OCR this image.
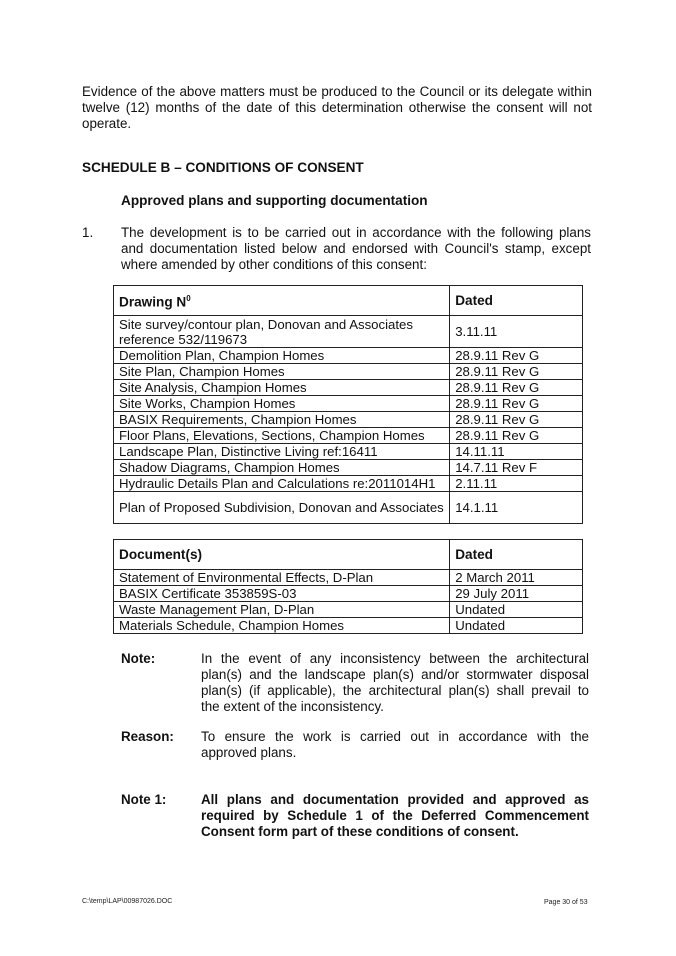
Evidence of the above matters must be produced to the Council or its delegate within
twelve (12) months of the date of this determination otherwise the consent will not
operate.
SCHEDULE B – CONDITIONS OF CONSENT
Approved plans and supporting documentation
1. The development is to be carried out in accordance with the following plans
and documentation listed below and endorsed with Council's stamp, except
where amended by other conditions of this consent:
Drawing $N^0$	Dated
Site survey/contour plan, Donovan and Associates reference 532/119673	3.11.11
Demolition Plan, Champion Homes	28.9.11 Rev G
Site Plan, Champion Homes	28.9.11 Rev G
Site Analysis, Champion Homes	28.9.11 Rev G
Site Works, Champion Homes	28.9.11 Rev G
BASIX Requirements, Champion Homes	28.9.11 Rev G
Floor Plans, Elevations, Sections, Champion Homes	28.9.11 Rev G
Landscape Plan, Distinctive Living ref:16411	14.11.11
Shadow Diagrams, Champion Homes	14.7.11 Rev F
Hydraulic Details Plan and Calculations re:2011014H1	2.11.11
Plan of Proposed Subdivision, Donovan and Associates	14.1.11
Document(s)	Dated
Statement of Environmental Effects, D-Plan	2 March 2011
BASIX Certificate 353859S-03	29 July 2011
Waste Management Plan, D-Plan	Undated
Materials Schedule, Champion Homes	Undated
Note:	In the event of any inconsistency between the architectural
plan(s) and the landscape plan(s) and/or stormwater disposal
plan(s) (if applicable), the architectural plan(s) shall prevail to
the extent of the inconsistency.
Reason: To ensure the work is carried out in accordance with the
approved plans.
Note 1:	All plans and documentation provided and approved as
required by Schedule 1 of the Deferred Commencement
Consent form part of these conditions of consent.
C:\temp\LAP\00987026.DOC	Page 30 of 53
